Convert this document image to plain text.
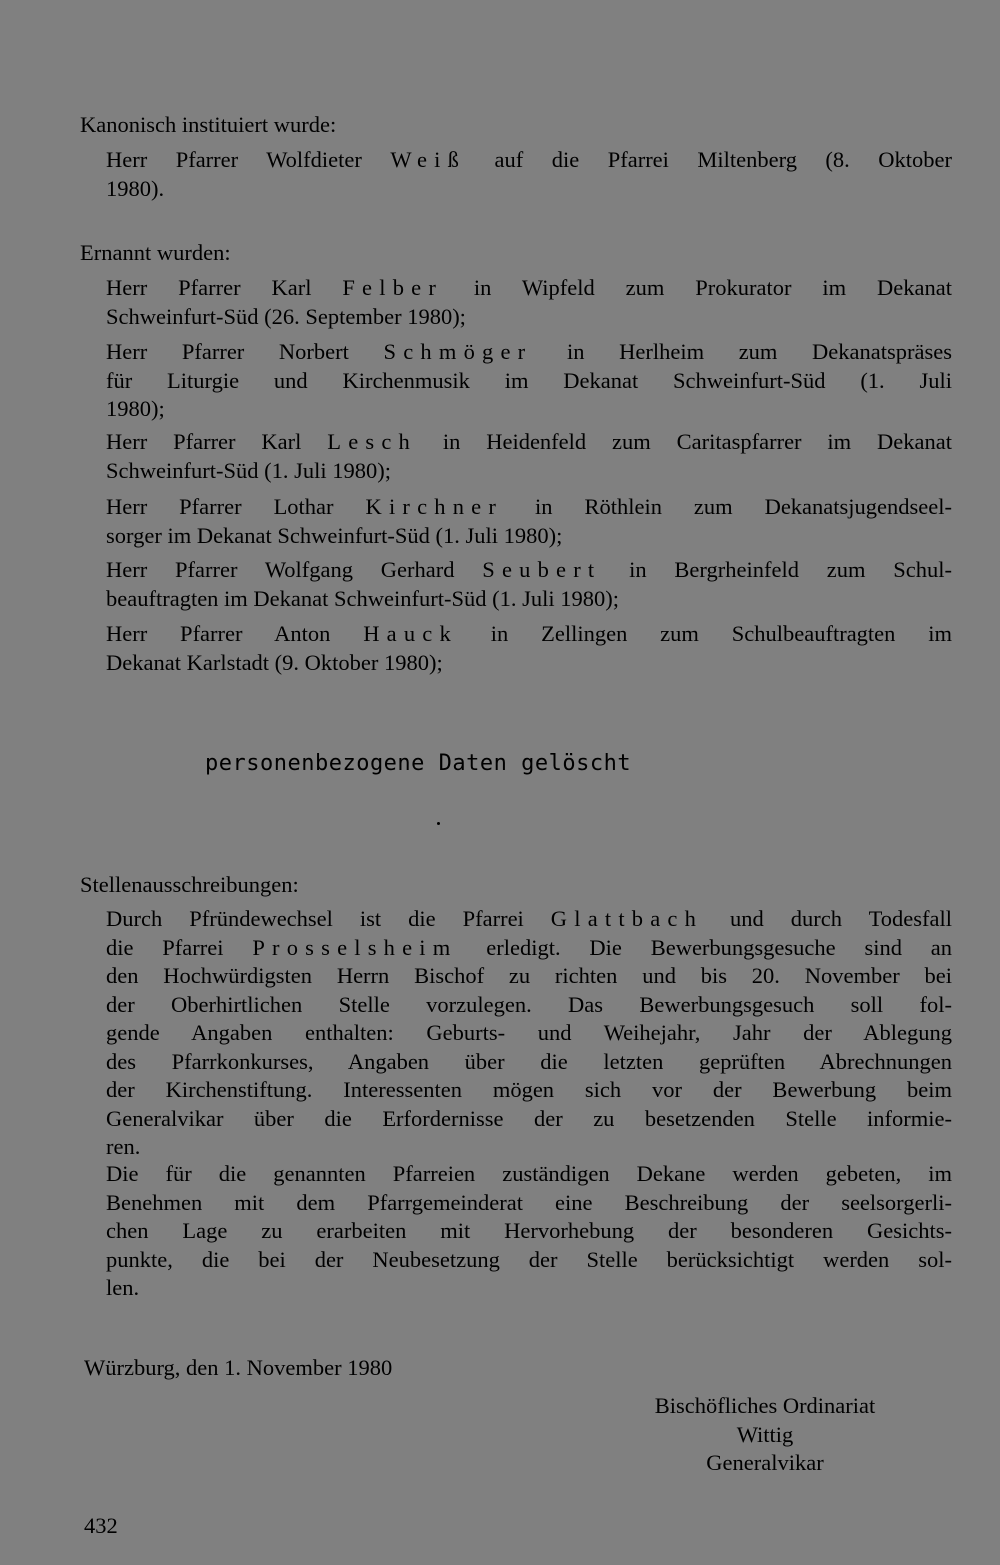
Kanonisch instituiert wurde:
Herr Pfarrer Wolfdieter Weiß auf die Pfarrei Miltenberg (8. Oktober
1980).
Ernannt wurden:
Herr Pfarrer Karl Felber in Wipfeld zum Prokurator im Dekanat
Schweinfurt-Süd (26. September 1980);
Herr Pfarrer Norbert Schmöger in Herlheim zum Dekanatspräses
für Liturgie und Kirchenmusik im Dekanat Schweinfurt-Süd (1. Juli
1980);
Herr Pfarrer Karl Lesch in Heidenfeld zum Caritaspfarrer im Dekanat
Schweinfurt-Süd (1. Juli 1980);
Herr Pfarrer Lothar Kirchner in Röthlein zum Dekanatsjugendseel-
sorger im Dekanat Schweinfurt-Süd (1. Juli 1980);
Herr Pfarrer Wolfgang Gerhard Seubert in Bergrheinfeld zum Schul-
beauftragten im Dekanat Schweinfurt-Süd (1. Juli 1980);
Herr Pfarrer Anton Hauck in Zellingen zum Schulbeauftragten im
Dekanat Karlstadt (9. Oktober 1980);
personenbezogene Daten gelöscht
Stellenausschreibungen:
Durch Pfründewechsel ist die Pfarrei Glattbach und durch Todesfall
die Pfarrei Prosselsheim erledigt. Die Bewerbungsgesuche sind an
den Hochwürdigsten Herrn Bischof zu richten und bis 20. November bei
der Oberhirtlichen Stelle vorzulegen. Das Bewerbungsgesuch soll fol-
gende Angaben enthalten: Geburts- und Weihejahr, Jahr der Ablegung
des Pfarrkonkurses, Angaben über die letzten geprüften Abrechnungen
der Kirchenstiftung. Interessenten mögen sich vor der Bewerbung beim
Generalvikar über die Erfordernisse der zu besetzenden Stelle informie-
ren.
Die für die genannten Pfarreien zuständigen Dekane werden gebeten, im
Benehmen mit dem Pfarrgemeinderat eine Beschreibung der seelsorgerli-
chen Lage zu erarbeiten mit Hervorhebung der besonderen Gesichts-
punkte, die bei der Neubesetzung der Stelle berücksichtigt werden sol-
len.
Würzburg, den 1. November 1980
Bischöfliches Ordinariat
Wittig
Generalvikar
432
